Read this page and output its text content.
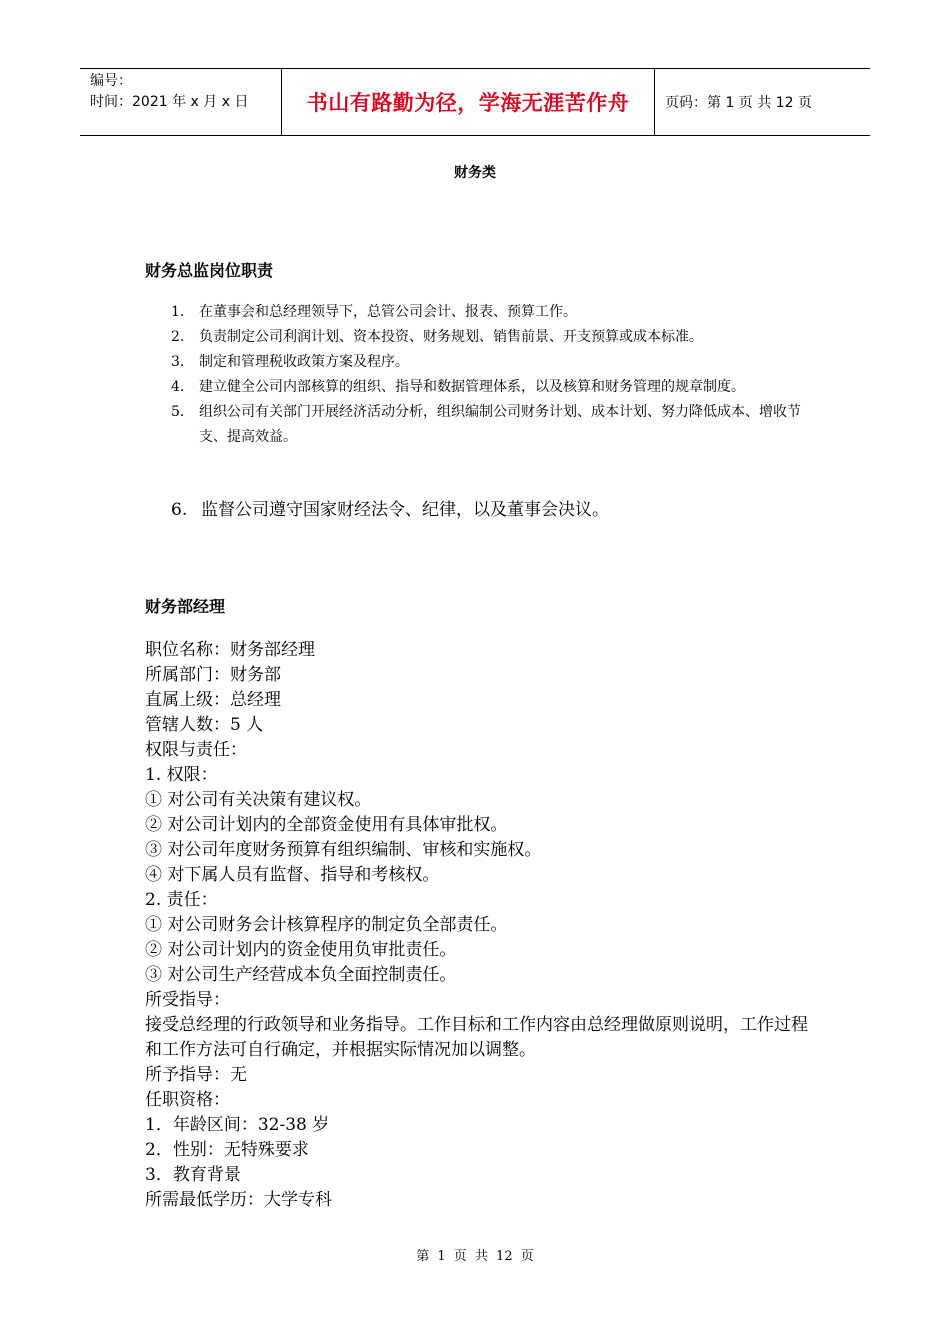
编号：
时间：2021 年 x 月 x 日	书山有路勤为径，学海无涯苦作舟	页码：第 1 页 共 12 页
财务类
财务总监岗位职责
1.	在董事会和总经理领导下，总管公司会计、报表、预算工作。
2.	负责制定公司利润计划、资本投资、财务规划、销售前景、开支预算或成本标准。
3.	制定和管理税收政策方案及程序。
4.	建立健全公司内部核算的组织、指导和数据管理体系，以及核算和财务管理的规章制度。
5.	组织公司有关部门开展经济活动分析，组织编制公司财务计划、成本计划、努力降低成本、增收节支、提高效益。
6. 监督公司遵守国家财经法令、纪律，以及董事会决议。
财务部经理
职位名称：财务部经理
所属部门：财务部
直属上级：总经理
管辖人数：5 人
权限与责任：
1. 权限：
① 对公司有关决策有建议权。
② 对公司计划内的全部资金使用有具体审批权。
③ 对公司年度财务预算有组织编制、审核和实施权。
④ 对下属人员有监督、指导和考核权。
2. 责任：
① 对公司财务会计核算程序的制定负全部责任。
② 对公司计划内的资金使用负审批责任。
③ 对公司生产经营成本负全面控制责任。
所受指导：
接受总经理的行政领导和业务指导。工作目标和工作内容由总经理做原则说明，工作过程和工作方法可自行确定，并根据实际情况加以调整。
所予指导：无
任职资格：
1．年龄区间：32-38 岁
2．性别：无特殊要求
3．教育背景
所需最低学历：大学专科
第 1 页 共 12 页
